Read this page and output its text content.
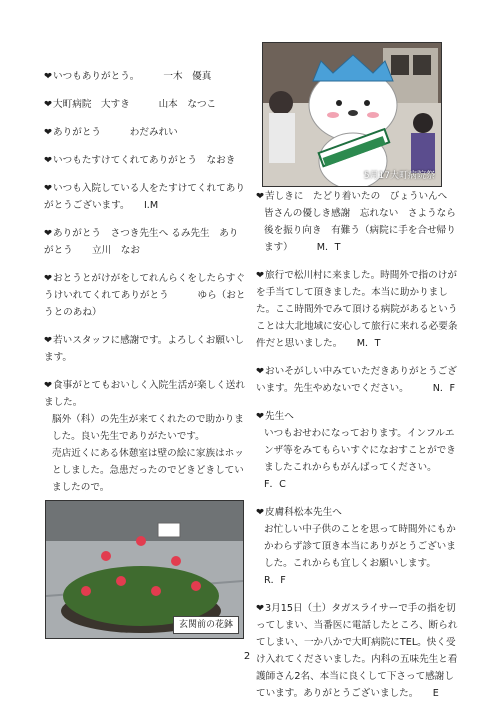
5月17大町病院祭

❤いつもありがとう。　　　一木　優真

❤大町病院　大すき　　　山本　なつこ

❤ありがとう　　　わだみれい

❤いつもたすけてくれてありがとう　なおき

❤いつも入院している人をたすけてくれてありがとうございます。　　I.M

❤ありがとう　さつき先生へ るみ先生　ありがとう　　立川　なお

❤おとうとがけがをしてれんらくをしたらすぐうけいれてくれてありがとう　　　ゆら（おとうとのあね）

❤若いスタッフに感謝です。よろしくお願いします。

❤食事がとてもおいしく入院生活が楽しく送れました。

脳外（科）の先生が来てくれたので助かりました。良い先生でありがたいです。

売店近くにある休憩室は壁の絵に家族はホッとしました。急患だったのでどきどきしていましたので。

❤苦しきに　たどり着いたの　びょういんへ

皆さんの優しき感謝　忘れない　さようなら後を振り向き　有難う（病院に手を合せ帰ります）　　　M．T

❤旅行で松川村に来ました。時間外で指のけがを手当てして頂きました。本当に助かりました。ここ時間外でみて頂ける病院があるということは大北地域に安心して旅行に来れる必要条件だと思いました。　　M．T

❤おいそがしい中みていただきありがとうございます。先生やめないでください。　　　N．F

❤先生へ

いつもおせわになっております。インフルエンザ等をみてもらいすぐになおすことができましたこれからもがんばってください。　　F．C

❤皮膚科松本先生へ

お忙しい中子供のことを思って時間外にもかかわらず診て頂き本当にありがとうございました。これからも宜しくお願いします。　　　R．F

❤3月15日（土）タガスライサーで手の指を切ってしまい、当番医に電話したところ、断られてしまい、一か八かで大町病院にTEL。快く受け入れてくださいました。内科の五味先生と看護師さん2名、本当に良くして下さって感謝しています。ありがとうございました。　　E

玄関前の花鉢
2
